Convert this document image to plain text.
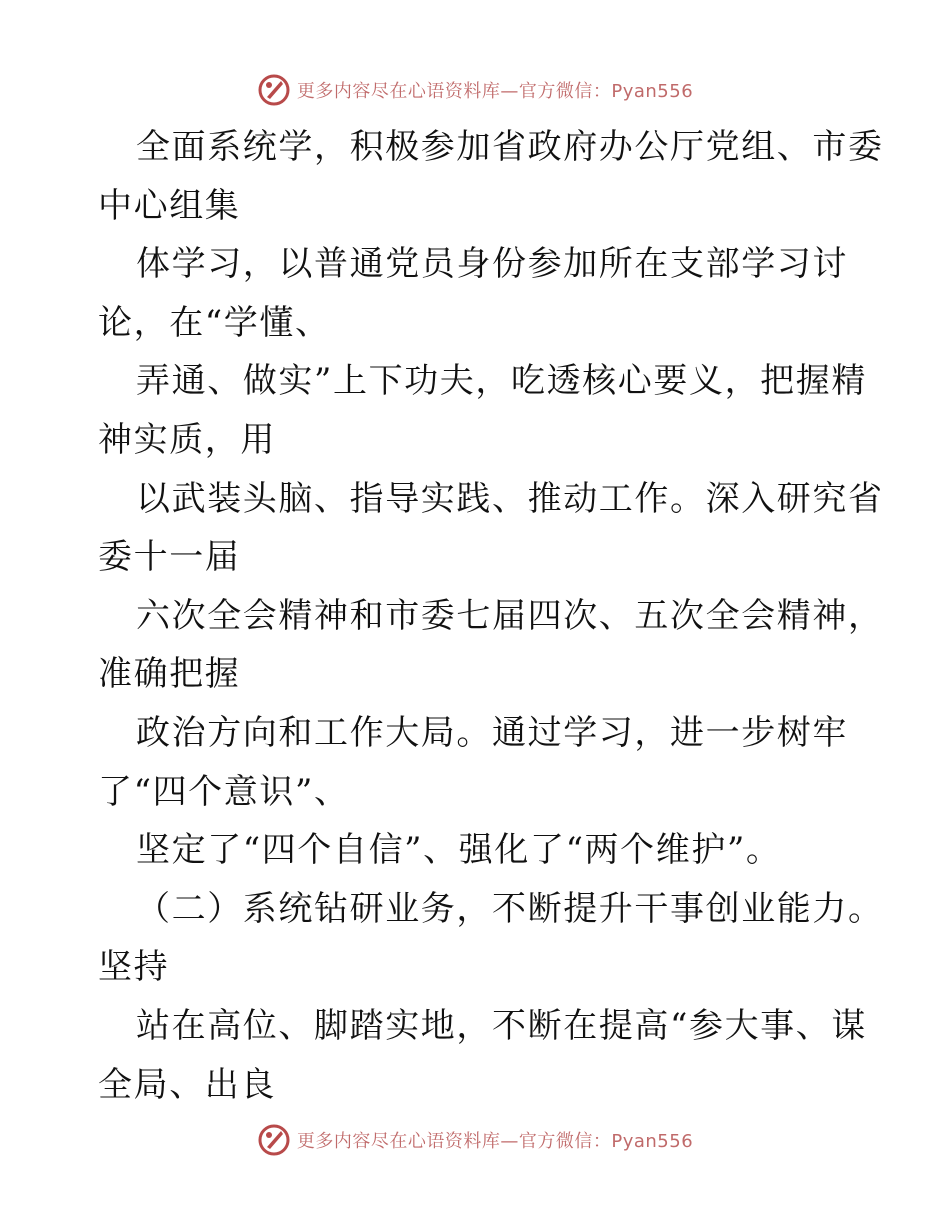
更多内容尽在心语资料库—官方微信：Pyan556
全面系统学，积极参加省政府办公厅党组、市委
中心组集
体学习，以普通党员身份参加所在支部学习讨
论，在“学懂、
弄通、做实”上下功夫，吃透核心要义，把握精
神实质，用
以武装头脑、指导实践、推动工作。深入研究省
委十一届
六次全会精神和市委七届四次、五次全会精神，
准确把握
政治方向和工作大局。通过学习，进一步树牢
了“四个意识”、
坚定了“四个自信”、强化了“两个维护”。
（二）系统钻研业务，不断提升干事创业能力。
坚持
站在高位、脚踏实地，不断在提高“参大事、谋
全局、出良
更多内容尽在心语资料库—官方微信：Pyan556
